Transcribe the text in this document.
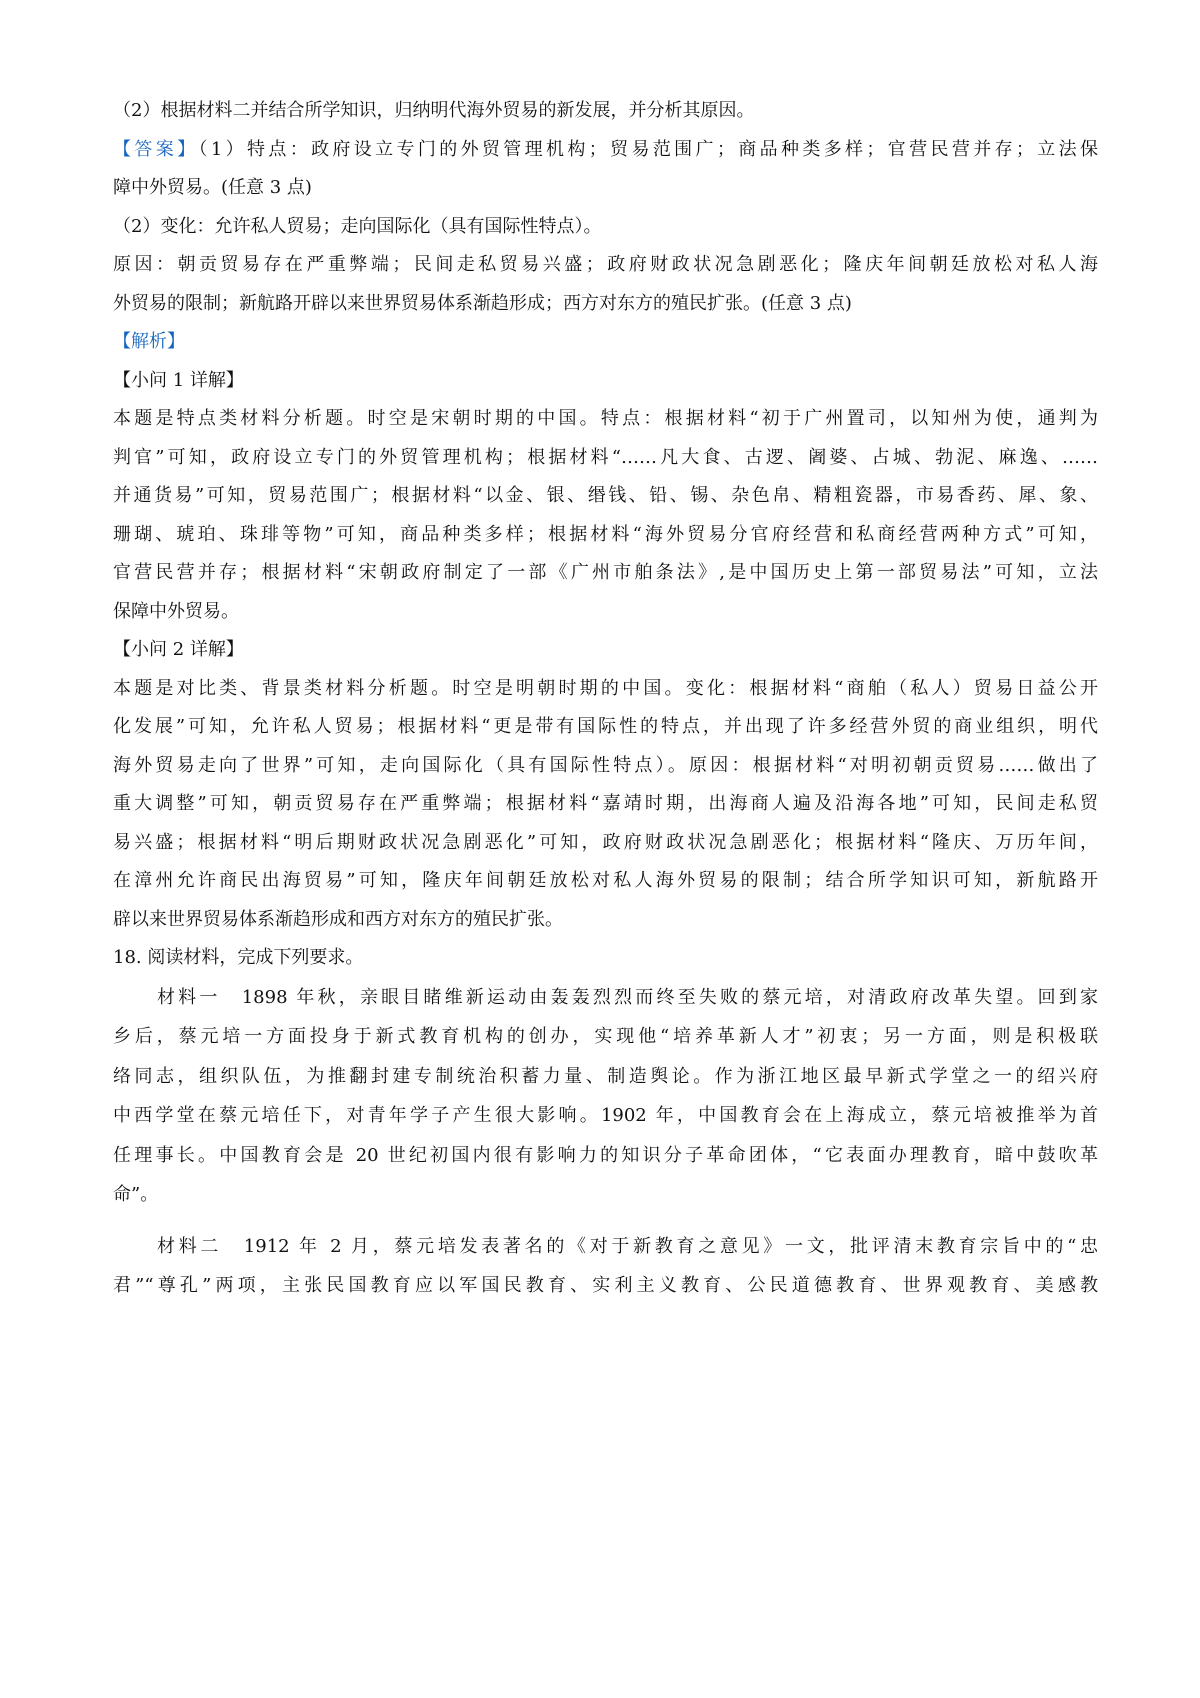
（2）根据材料二并结合所学知识，归纳明代海外贸易的新发展，并分析其原因。
【答案】（1）特点：政府设立专门的外贸管理机构；贸易范围广；商品种类多样；官营民营并存；立法保
障中外贸易。(任意 3 点)
（2）变化：允许私人贸易；走向国际化（具有国际性特点）。
原因：朝贡贸易存在严重弊端；民间走私贸易兴盛；政府财政状况急剧恶化；隆庆年间朝廷放松对私人海
外贸易的限制；新航路开辟以来世界贸易体系渐趋形成；西方对东方的殖民扩张。(任意 3 点)
【解析】
【小问 1 详解】
本题是特点类材料分析题。时空是宋朝时期的中国。特点：根据材料“初于广州置司，以知州为使，通判为
判官”可知，政府设立专门的外贸管理机构；根据材料“……凡大食、古逻、阇婆、占城、勃泥、麻逸、……
并通货易”可知，贸易范围广；根据材料“以金、银、缗钱、铅、锡、杂色帛、精粗瓷器，市易香药、犀、象、
珊瑚、琥珀、珠琲等物”可知，商品种类多样；根据材料“海外贸易分官府经营和私商经营两种方式”可知，
官营民营并存；根据材料“宋朝政府制定了一部《广州市舶条法》,是中国历史上第一部贸易法”可知，立法
保障中外贸易。
【小问 2 详解】
本题是对比类、背景类材料分析题。时空是明朝时期的中国。变化：根据材料“商舶（私人）贸易日益公开
化发展”可知，允许私人贸易；根据材料“更是带有国际性的特点，并出现了许多经营外贸的商业组织，明代
海外贸易走向了世界”可知，走向国际化（具有国际性特点）。原因：根据材料“对明初朝贡贸易……做出了
重大调整”可知，朝贡贸易存在严重弊端；根据材料“嘉靖时期，出海商人遍及沿海各地”可知，民间走私贸
易兴盛；根据材料“明后期财政状况急剧恶化”可知，政府财政状况急剧恶化；根据材料“隆庆、万历年间，
在漳州允许商民出海贸易”可知，隆庆年间朝廷放松对私人海外贸易的限制；结合所学知识可知，新航路开
辟以来世界贸易体系渐趋形成和西方对东方的殖民扩张。
18. 阅读材料，完成下列要求。
材料一　1898 年秋，亲眼目睹维新运动由轰轰烈烈而终至失败的蔡元培，对清政府改革失望。回到家
乡后，蔡元培一方面投身于新式教育机构的创办，实现他“培养革新人才”初衷；另一方面，则是积极联
络同志，组织队伍，为推翻封建专制统治积蓄力量、制造舆论。作为浙江地区最早新式学堂之一的绍兴府
中西学堂在蔡元培任下，对青年学子产生很大影响。1902 年，中国教育会在上海成立，蔡元培被推举为首
任理事长。中国教育会是 20 世纪初国内很有影响力的知识分子革命团体，“它表面办理教育，暗中鼓吹革
命”。
材料二　1912 年 2 月，蔡元培发表著名的《对于新教育之意见》一文，批评清末教育宗旨中的“忠
君”“尊孔”两项，主张民国教育应以军国民教育、实利主义教育、公民道德教育、世界观教育、美感教
